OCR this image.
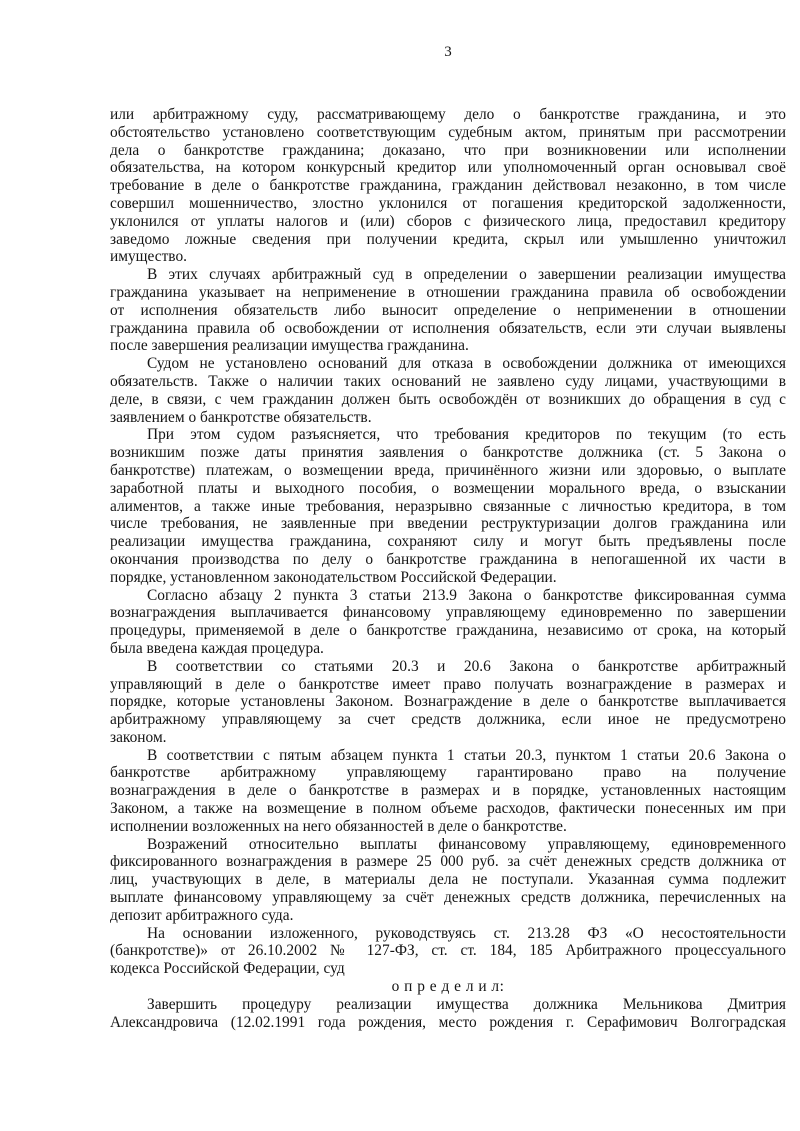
3
или арбитражному суду, рассматривающему дело о банкротстве гражданина, и это
обстоятельство установлено соответствующим судебным актом, принятым при рассмотрении
дела о банкротстве гражданина; доказано, что при возникновении или исполнении
обязательства, на котором конкурсный кредитор или уполномоченный орган основывал своё
требование в деле о банкротстве гражданина, гражданин действовал незаконно, в том числе
совершил мошенничество, злостно уклонился от погашения кредиторской задолженности,
уклонился от уплаты налогов и (или) сборов с физического лица, предоставил кредитору
заведомо ложные сведения при получении кредита, скрыл или умышленно уничтожил
имущество.
В этих случаях арбитражный суд в определении о завершении реализации имущества
гражданина указывает на неприменение в отношении гражданина правила об освобождении
от исполнения обязательств либо выносит определение о неприменении в отношении
гражданина правила об освобождении от исполнения обязательств, если эти случаи выявлены
после завершения реализации имущества гражданина.
Судом не установлено оснований для отказа в освобождении должника от имеющихся
обязательств. Также о наличии таких оснований не заявлено суду лицами, участвующими в
деле, в связи, с чем гражданин должен быть освобождён от возникших до обращения в суд с
заявлением о банкротстве обязательств.
При этом судом разъясняется, что требования кредиторов по текущим (то есть
возникшим позже даты принятия заявления о банкротстве должника (ст. 5 Закона о
банкротстве) платежам, о возмещении вреда, причинённого жизни или здоровью, о выплате
заработной платы и выходного пособия, о возмещении морального вреда, о взыскании
алиментов, а также иные требования, неразрывно связанные с личностью кредитора, в том
числе требования, не заявленные при введении реструктуризации долгов гражданина или
реализации имущества гражданина, сохраняют силу и могут быть предъявлены после
окончания производства по делу о банкротстве гражданина в непогашенной их части в
порядке, установленном законодательством Российской Федерации.
Согласно абзацу 2 пункта 3 статьи 213.9 Закона о банкротстве фиксированная сумма
вознаграждения выплачивается финансовому управляющему единовременно по завершении
процедуры, применяемой в деле о банкротстве гражданина, независимо от срока, на который
была введена каждая процедура.
В соответствии со статьями 20.3 и 20.6 Закона о банкротстве арбитражный
управляющий в деле о банкротстве имеет право получать вознаграждение в размерах и
порядке, которые установлены Законом. Вознаграждение в деле о банкротстве выплачивается
арбитражному управляющему за счет средств должника, если иное не предусмотрено
законом.
В соответствии с пятым абзацем пункта 1 статьи 20.3, пунктом 1 статьи 20.6 Закона о
банкротстве арбитражному управляющему гарантировано право на получение
вознаграждения в деле о банкротстве в размерах и в порядке, установленных настоящим
Законом, а также на возмещение в полном объеме расходов, фактически понесенных им при
исполнении возложенных на него обязанностей в деле о банкротстве.
Возражений относительно выплаты финансовому управляющему, единовременного
фиксированного вознаграждения в размере 25 000 руб. за счёт денежных средств должника от
лиц, участвующих в деле, в материалы дела не поступали. Указанная сумма подлежит
выплате финансовому управляющему за счёт денежных средств должника, перечисленных на
депозит арбитражного суда.
На основании изложенного, руководствуясь ст. 213.28 ФЗ «О несостоятельности
(банкротстве)» от 26.10.2002 № 127-ФЗ, ст. ст. 184, 185 Арбитражного процессуального
кодекса Российской Федерации, суд
о п р е д е л и л:
Завершить процедуру реализации имущества должника Мельникова Дмитрия
Александровича (12.02.1991 года рождения, место рождения г. Серафимович Волгоградская
